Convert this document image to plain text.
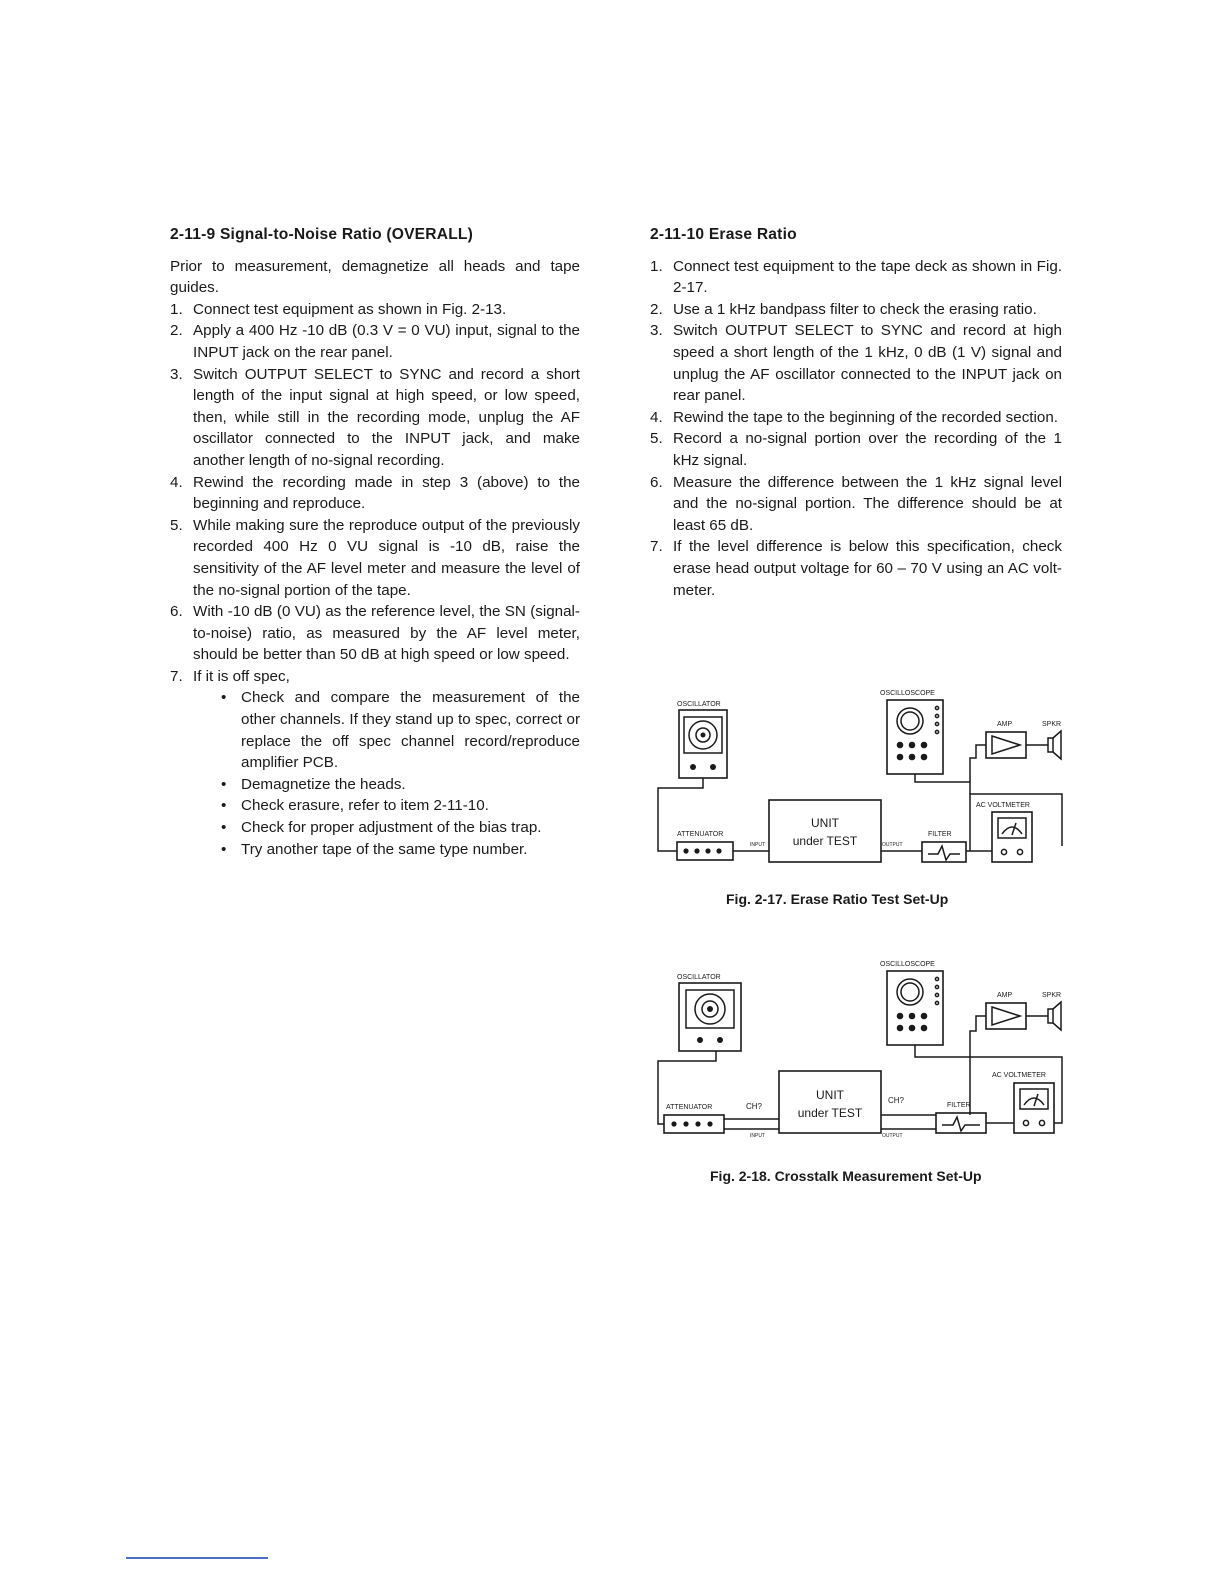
2-11-9 Signal-to-Noise Ratio (OVERALL)

Prior to measurement, demagnetize all heads and tape guides.

1. Connect test equipment as shown in Fig. 2-13.
2. Apply a 400 Hz -10 dB (0.3 V = 0 VU) input, signal to the INPUT jack on the rear panel.
3. Switch OUTPUT SELECT to SYNC and record a short length of the input signal at high speed, or low speed, then, while still in the recording mode, unplug the AF oscillator connected to the INPUT jack, and make another length of no-signal recording.
4. Rewind the recording made in step 3 (above) to the beginning and reproduce.
5. While making sure the reproduce output of the previously recorded 400 Hz 0 VU signal is -10 dB, raise the sensitivity of the AF level meter and measure the level of the no-signal portion of the tape.
6. With -10 dB (0 VU) as the reference level, the SN (signal-to-noise) ratio, as measured by the AF level meter, should be better than 50 dB at high speed or low speed.
7. If it is off spec,
• Check and compare the measurement of the other channels. If they stand up to spec, correct or replace the off spec channel record/reproduce amplifier PCB.
• Demagnetize the heads.
• Check erasure, refer to item 2-11-10.
• Check for proper adjustment of the bias trap.
• Try another tape of the same type number.
2-11-10 Erase Ratio
1. Connect test equipment to the tape deck as shown in Fig. 2-17.
2. Use a 1 kHz bandpass filter to check the erasing ratio.
3. Switch OUTPUT SELECT to SYNC and record at high speed a short length of the 1 kHz, 0 dB (1 V) signal and unplug the AF oscillator connected to the INPUT jack on rear panel.
4. Rewind the tape to the beginning of the recorded section.
5. Record a no-signal portion over the recording of the 1 kHz signal.
6. Measure the difference between the 1 kHz signal level and the no-signal portion. The difference should be at least 65 dB.
7. If the level difference is below this specification, check erase head output voltage for 60 – 70 V using an AC volt-meter.
OSCILLATOR
OSCILLOSCOPE
AMP	SPKR
AC VOLTMETER
ATTENUATOR
INPUT
UNIT
under TEST	OUTPUT
FILTER
Fig. 2-17. Erase Ratio Test Set-Up
OSCILLATOR
OSCILLOSCOPE
AMP	SPKR
AC VOLTMETER
ATTENUATOR	CH?
INPUT
UNIT
under TEST
CH?
OUTPUT
FILTER
Fig. 2-18. Crosstalk Measurement Set-Up
